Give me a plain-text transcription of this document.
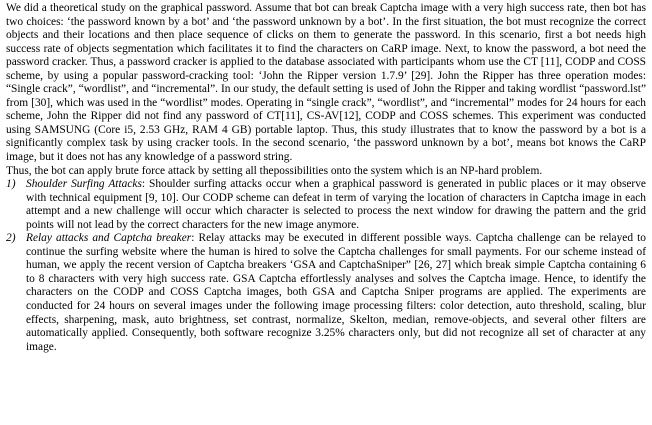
We did a theoretical study on the graphical password. Assume that bot can break Captcha image with a very high success rate, then bot has two choices: ‘the password known by a bot’ and ‘the password unknown by a bot’. In the first situation, the bot must recognize the correct objects and their locations and then place sequence of clicks on them to generate the password. In this scenario, first a bot needs high success rate of objects segmentation which facilitates it to find the characters on CaRP image. Next, to know the password, a bot need the password cracker. Thus, a password cracker is applied to the database associated with participants whom use the CT [11], CODP and COSS scheme, by using a popular password-cracking tool: ‘John the Ripper version 1.7.9’ [29]. John the Ripper has three operation modes: “Single crack”, “wordlist”, and “incremental”. In our study, the default setting is used of John the Ripper and taking wordlist “password.lst” from [30], which was used in the “wordlist” modes. Operating in “single crack”, “wordlist”, and “incremental” modes for 24 hours for each scheme, John the Ripper did not find any password of CT[11], CS-AV[12], CODP and COSS schemes. This experiment was conducted using SAMSUNG (Core i5, 2.53 GHz, RAM 4 GB) portable laptop. Thus, this study illustrates that to know the password by a bot is a significantly complex task by using cracker tools. In the second scenario, ‘the password unknown by a bot’, means bot knows the CaRP image, but it does not has any knowledge of a password string.

Thus, the bot can apply brute force attack by setting all thepossibilities onto the system which is an NP-hard problem.

1) Shoulder Surfing Attacks: Shoulder surfing attacks occur when a graphical password is generated in public places or it may observe with technical equipment [9, 10]. Our CODP scheme can defeat in term of varying the location of characters in Captcha image in each attempt and a new challenge will occur which character is selected to process the next window for drawing the pattern and the grid points will not lead by the correct characters for the new image anymore.

2) Relay attacks and Captcha breaker: Relay attacks may be executed in different possible ways. Captcha challenge can be relayed to continue the surfing website where the human is hired to solve the Captcha challenges for small payments. For our scheme instead of human, we apply the recent version of Captcha breakers ‘GSA and CaptchaSniper” [26, 27] which break simple Captcha containing 6 to 8 characters with very high success rate. GSA Captcha effortlessly analyses and solves the Captcha image. Hence, to identify the characters on the CODP and COSS Captcha images, both GSA and Captcha Sniper programs are applied. The experiments are conducted for 24 hours on several images under the following image processing filters: color detection, auto threshold, scaling, blur effects, sharpening, mask, auto brightness, set contrast, normalize, Skelton, median, remove-objects, and several other filters are automatically applied. Consequently, both software recognize 3.25% characters only, but did not recognize all set of character at any image.
